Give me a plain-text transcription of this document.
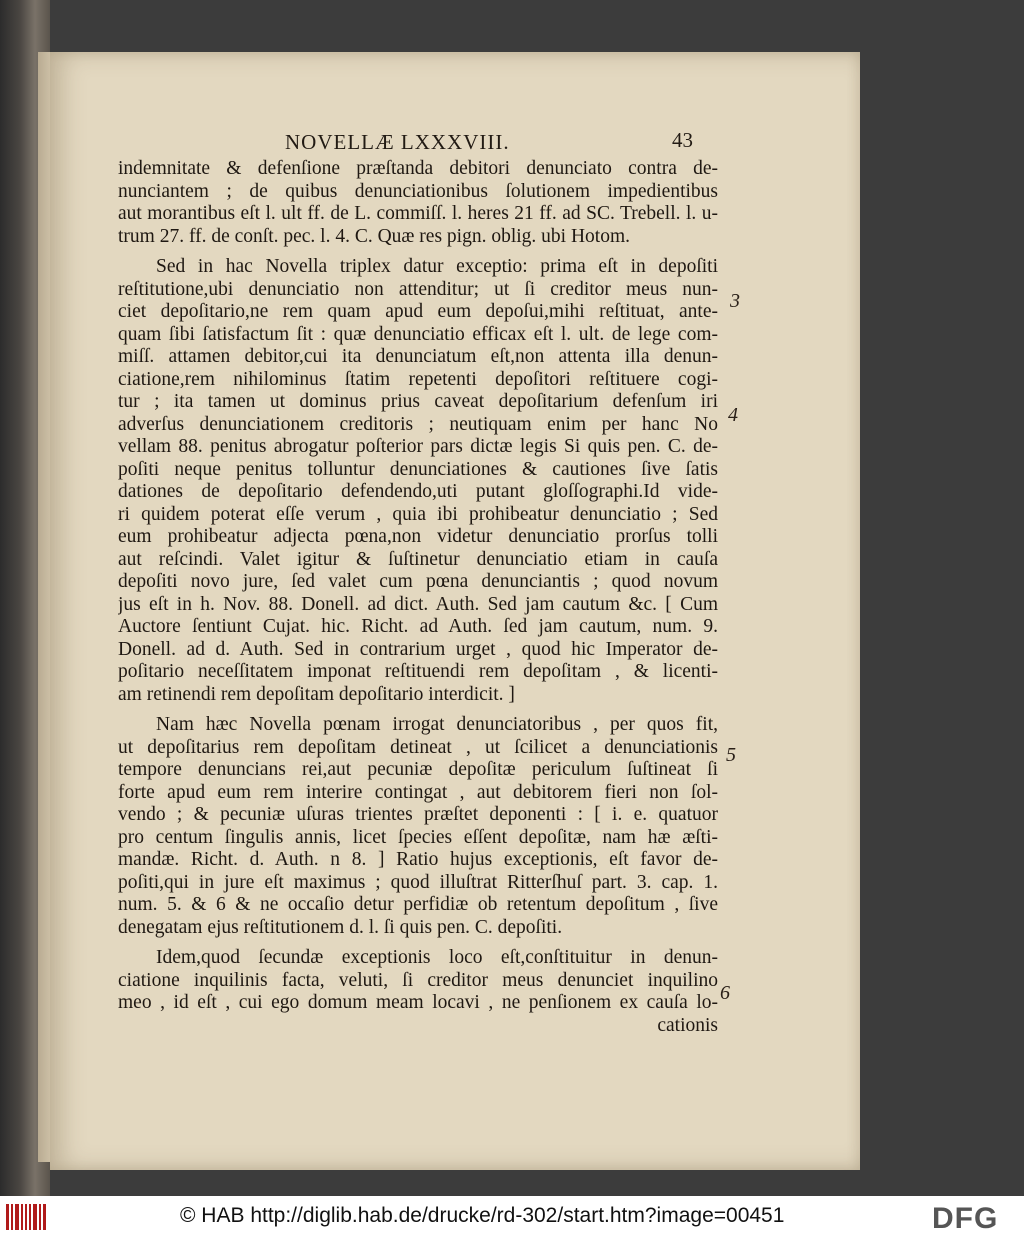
NOVELLÆ LXXXVIII.	43
indemnitate & defenſione præſtanda debitori denunciato contra de-
nunciantem ; de quibus denunciationibus ſolutionem impedientibus
aut morantibus eſt l. ult ff. de L. commiſſ. l. heres 21 ff. ad SC. Trebell. l. u-
trum 27. ff. de conſt. pec. l. 4. C. Quæ res pign. oblig. ubi Hotom.
Sed in hac Novella triplex datur exceptio: prima eſt in depoſiti
reſtitutione,ubi denunciatio non attenditur; ut ſi creditor meus nun-
ciet depoſitario,ne rem quam apud eum depoſui,mihi reſtituat, ante-
quam ſibi ſatisfactum ſit : quæ denunciatio efficax eſt l. ult. de lege com-
miſſ. attamen debitor,cui ita denunciatum eſt,non attenta illa denun-
ciatione,rem nihilominus ſtatim repetenti depoſitori reſtituere cogi-
tur ; ita tamen ut dominus prius caveat depoſitarium defenſum iri
adverſus denunciationem creditoris ; neutiquam enim per hanc No
vellam 88. penitus abrogatur poſterior pars dictæ legis Si quis pen. C. de-
poſiti neque penitus tolluntur denunciationes & cautiones ſive ſatis
dationes de depoſitario defendendo,uti putant gloſſographi.Id vide-
ri quidem poterat eſſe verum , quia ibi prohibeatur denunciatio ; Sed
eum prohibeatur adjecta pœna,non videtur denunciatio prorſus tolli
aut reſcindi. Valet igitur & ſuſtinetur denunciatio etiam in cauſa
depoſiti novo jure, ſed valet cum pœna denunciantis ; quod novum
jus eſt in h. Nov. 88. Donell. ad dict. Auth. Sed jam cautum &c. [ Cum
Auctore ſentiunt Cujat. hic. Richt. ad Auth. ſed jam cautum, num. 9.
Donell. ad d. Auth. Sed in contrarium urget , quod hic Imperator de-
poſitario neceſſitatem imponat reſtituendi rem depoſitam , & licenti-
am retinendi rem depoſitam depoſitario interdicit. ]
Nam hæc Novella pœnam irrogat denunciatoribus , per quos fit,
ut depoſitarius rem depoſitam detineat , ut ſcilicet a denunciationis
tempore denuncians rei,aut pecuniæ depoſitæ periculum ſuſtineat ſi
forte apud eum rem interire contingat , aut debitorem fieri non ſol-
vendo ; & pecuniæ uſuras trientes præſtet deponenti : [ i. e. quatuor
pro centum ſingulis annis, licet ſpecies eſſent depoſitæ, nam hæ æſti-
mandæ. Richt. d. Auth. n 8. ] Ratio hujus exceptionis, eſt favor de-
poſiti,qui in jure eſt maximus ; quod illuſtrat Ritterſhuſ part. 3. cap. 1.
num. 5. & 6 & ne occaſio detur perfidiæ ob retentum depoſitum , ſive
denegatam ejus reſtitutionem d. l. ſi quis pen. C. depoſiti.
Idem,quod ſecundæ exceptionis loco eſt,conſtituitur in denun-
ciatione inquilinis facta, veluti, ſi creditor meus denunciet inquilino
meo , id eſt , cui ego domum meam locavi , ne penſionem ex cauſa lo-
cationis
3
4
5
6
© HAB http://diglib.hab.de/drucke/rd-302/start.htm?image=00451	DFG
